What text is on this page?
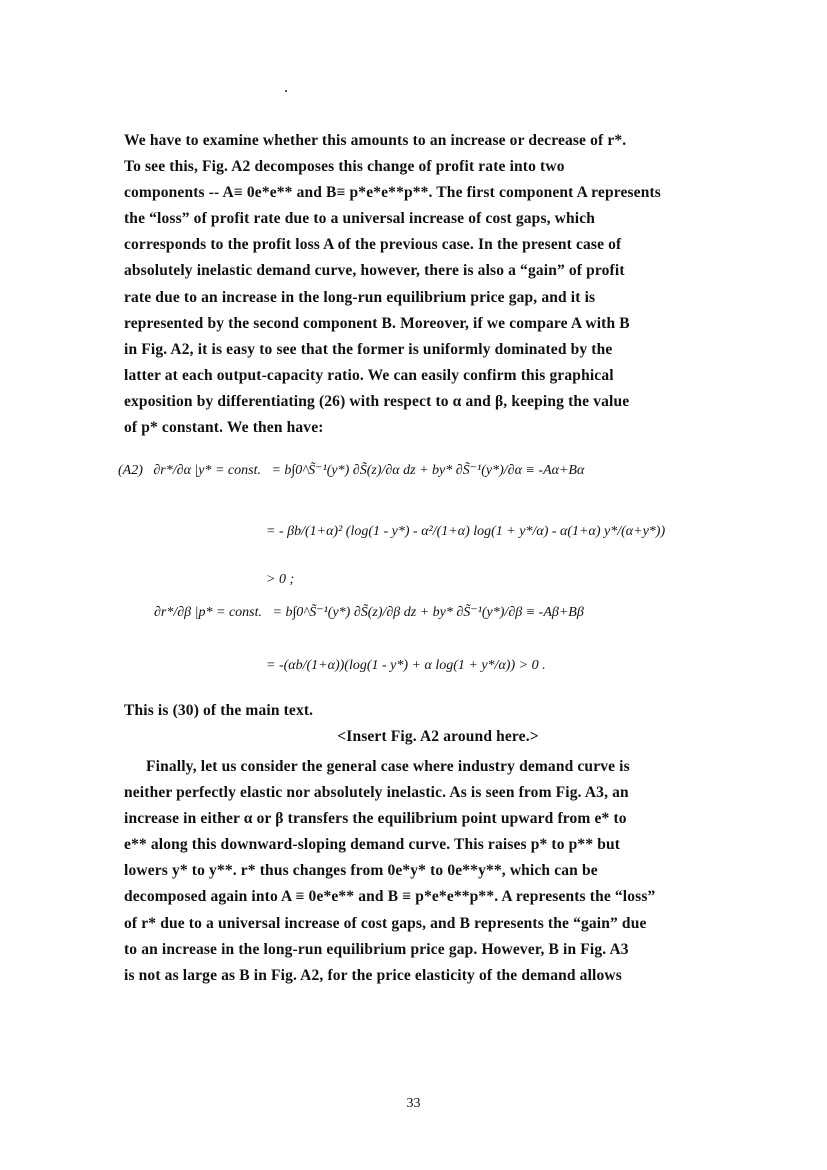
We have to examine whether this amounts to an increase or decrease of r*.

To see this, Fig. A2 decomposes this change of profit rate into two

components -- A≡ 0e*e** and B≡ p*e*e**p**. The first component A represents

the “loss” of profit rate due to a universal increase of cost gaps, which

corresponds to the profit loss A of the previous case. In the present case of

absolutely inelastic demand curve, however, there is also a “gain” of profit

rate due to an increase in the long-run equilibrium price gap, and it is

represented by the second component B. Moreover, if we compare A with B

in Fig. A2, it is easy to see that the former is uniformly dominated by the

latter at each output-capacity ratio. We can easily confirm this graphical

exposition by differentiating (26) with respect to α and β, keeping the value

of p* constant. We then have:

(A2) ∂r*/∂α |y* = const. = b∫0^S̃⁻¹(y*) ∂S̃(z)/∂α dz + by* ∂S̃⁻¹(y*)/∂α ≡ -Aα+Bα
= - βb/(1+α)² (log(1 - y*) - α²/(1+α) log(1 + y*/α) - α(1+α) y*/(α+y*))
> 0 ;
∂r*/∂β |p* = const. = b∫0^S̃⁻¹(y*) ∂S̃(z)/∂β dz + by* ∂S̃⁻¹(y*)/∂β ≡ -Aβ+Bβ
= -(αb/(1+α))(log(1 - y*) + α log(1 + y*/α)) > 0 .

This is (30) of the main text.

<Insert Fig. A2 around here.>

Finally, let us consider the general case where industry demand curve is

neither perfectly elastic nor absolutely inelastic. As is seen from Fig. A3, an

increase in either α or β transfers the equilibrium point upward from e* to

e** along this downward-sloping demand curve. This raises p* to p** but

lowers y* to y**. r* thus changes from 0e*y* to 0e**y**, which can be

decomposed again into A ≡ 0e*e** and B ≡ p*e*e**p**. A represents the “loss”

of r* due to a universal increase of cost gaps, and B represents the “gain” due

to an increase in the long-run equilibrium price gap. However, B in Fig. A3

is not as large as B in Fig. A2, for the price elasticity of the demand allows

33
